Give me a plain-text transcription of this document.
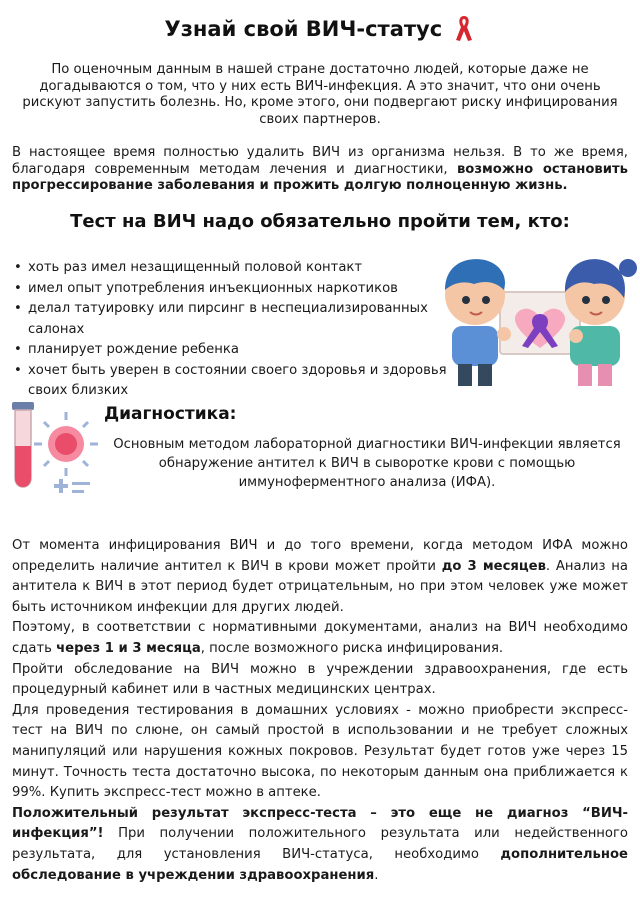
Узнай свой ВИЧ-статус

По оценочным данным в нашей стране достаточно людей, которые даже не догадываются о том, что у них есть ВИЧ-инфекция. А это значит, что они очень рискуют запустить болезнь. Но, кроме этого, они подвергают риску инфицирования своих партнеров.

В настоящее время полностью удалить ВИЧ из организма нельзя. В то же время, благодаря современным методам лечения и диагностики, возможно остановить прогрессирование заболевания и прожить долгую полноценную жизнь.

Тест на ВИЧ надо обязательно пройти тем, кто:
• хоть раз имел незащищенный половой контакт
• имел опыт употребления инъекционных наркотиков
• делал татуировку или пирсинг в неспециализированных салонах
• планирует рождение ребенка
• хочет быть уверен в состоянии своего здоровья и здоровья своих близких
Диагностика:

Основным методом лабораторной диагностики ВИЧ-инфекции является обнаружение антител к ВИЧ в сыворотке крови с помощью иммуноферментного анализа (ИФА).

От момента инфицирования ВИЧ и до того времени, когда методом ИФА можно определить наличие антител к ВИЧ в крови может пройти до 3 месяцев. Анализ на антитела к ВИЧ в этот период будет отрицательным, но при этом человек уже может быть источником инфекции для других людей.

Поэтому, в соответствии с нормативными документами, анализ на ВИЧ необходимо сдать через 1 и 3 месяца, после возможного риска инфицирования.

Пройти обследование на ВИЧ можно в учреждении здравоохранения, где есть процедурный кабинет или в частных медицинских центрах.

Для проведения тестирования в домашних условиях - можно приобрести экспресс-тест на ВИЧ по слюне, он самый простой в использовании и не требует сложных манипуляций или нарушения кожных покровов. Результат будет готов уже через 15 минут. Точность теста достаточно высока, по некоторым данным она приближается к 99%. Купить экспресс-тест можно в аптеке.

Положительный результат экспресс-теста – это еще не диагноз “ВИЧ-инфекция”! При получении положительного результата или недейственного результата, для установления ВИЧ-статуса, необходимо дополнительное обследование в учреждении здравоохранения.
